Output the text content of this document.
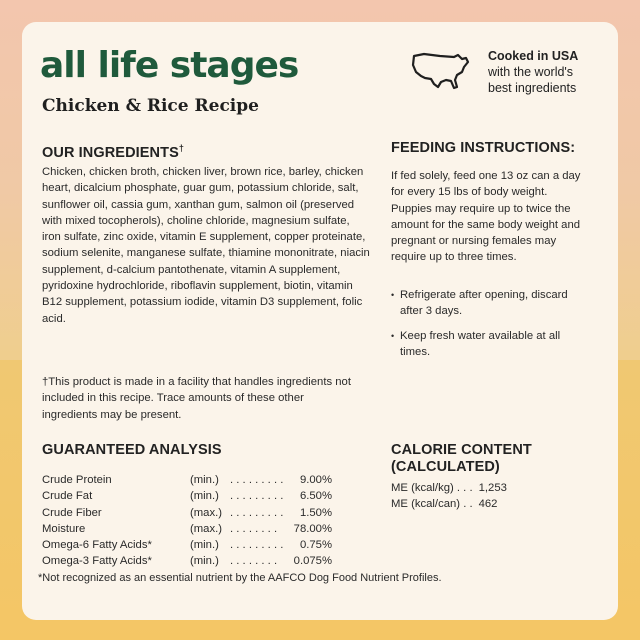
all life stages

Chicken & Rice Recipe

Cooked in USA
with the world's
best ingredients
OUR INGREDIENTS†
Chicken, chicken broth, chicken liver, brown rice, barley, chicken heart, dicalcium phosphate, guar gum, potassium chloride, salt, sunflower oil, cassia gum, xanthan gum, salmon oil (preserved with mixed tocopherols), choline chloride, magnesium sulfate, iron sulfate, zinc oxide, vitamin E supplement, copper proteinate, sodium selenite, manganese sulfate, thiamine mononitrate, niacin supplement, d-calcium pantothenate, vitamin A supplement, pyridoxine hydrochloride, riboflavin supplement, biotin, vitamin B12 supplement, potassium iodide, vitamin D3 supplement, folic acid.
†This product is made in a facility that handles ingredients not included in this recipe. Trace amounts of these other ingredients may be present.
FEEDING INSTRUCTIONS:
If fed solely, feed one 13 oz can a day for every 15 lbs of body weight. Puppies may require up to twice the amount for the same body weight and pregnant or nursing females may require up to three times.
• Refrigerate after opening, discard after 3 days.
• Keep fresh water available at all times.
GUARANTEED ANALYSIS
Crude Protein	(min.) . . . . . . . . .	9.00%
Crude Fat	(min.) . . . . . . . . .	6.50%
Crude Fiber	(max.) . . . . . . . . .	1.50%
Moisture	(max.) . . . . . . . .	78.00%
Omega-6 Fatty Acids*	(min.) . . . . . . . . .	0.75%
Omega-3 Fatty Acids*	(min.) . . . . . . . .	0.075%
CALORIE CONTENT
(CALCULATED)
ME (kcal/kg) . . . 1,253
ME (kcal/can) . . 462
*Not recognized as an essential nutrient by the AAFCO Dog Food Nutrient Profiles.
